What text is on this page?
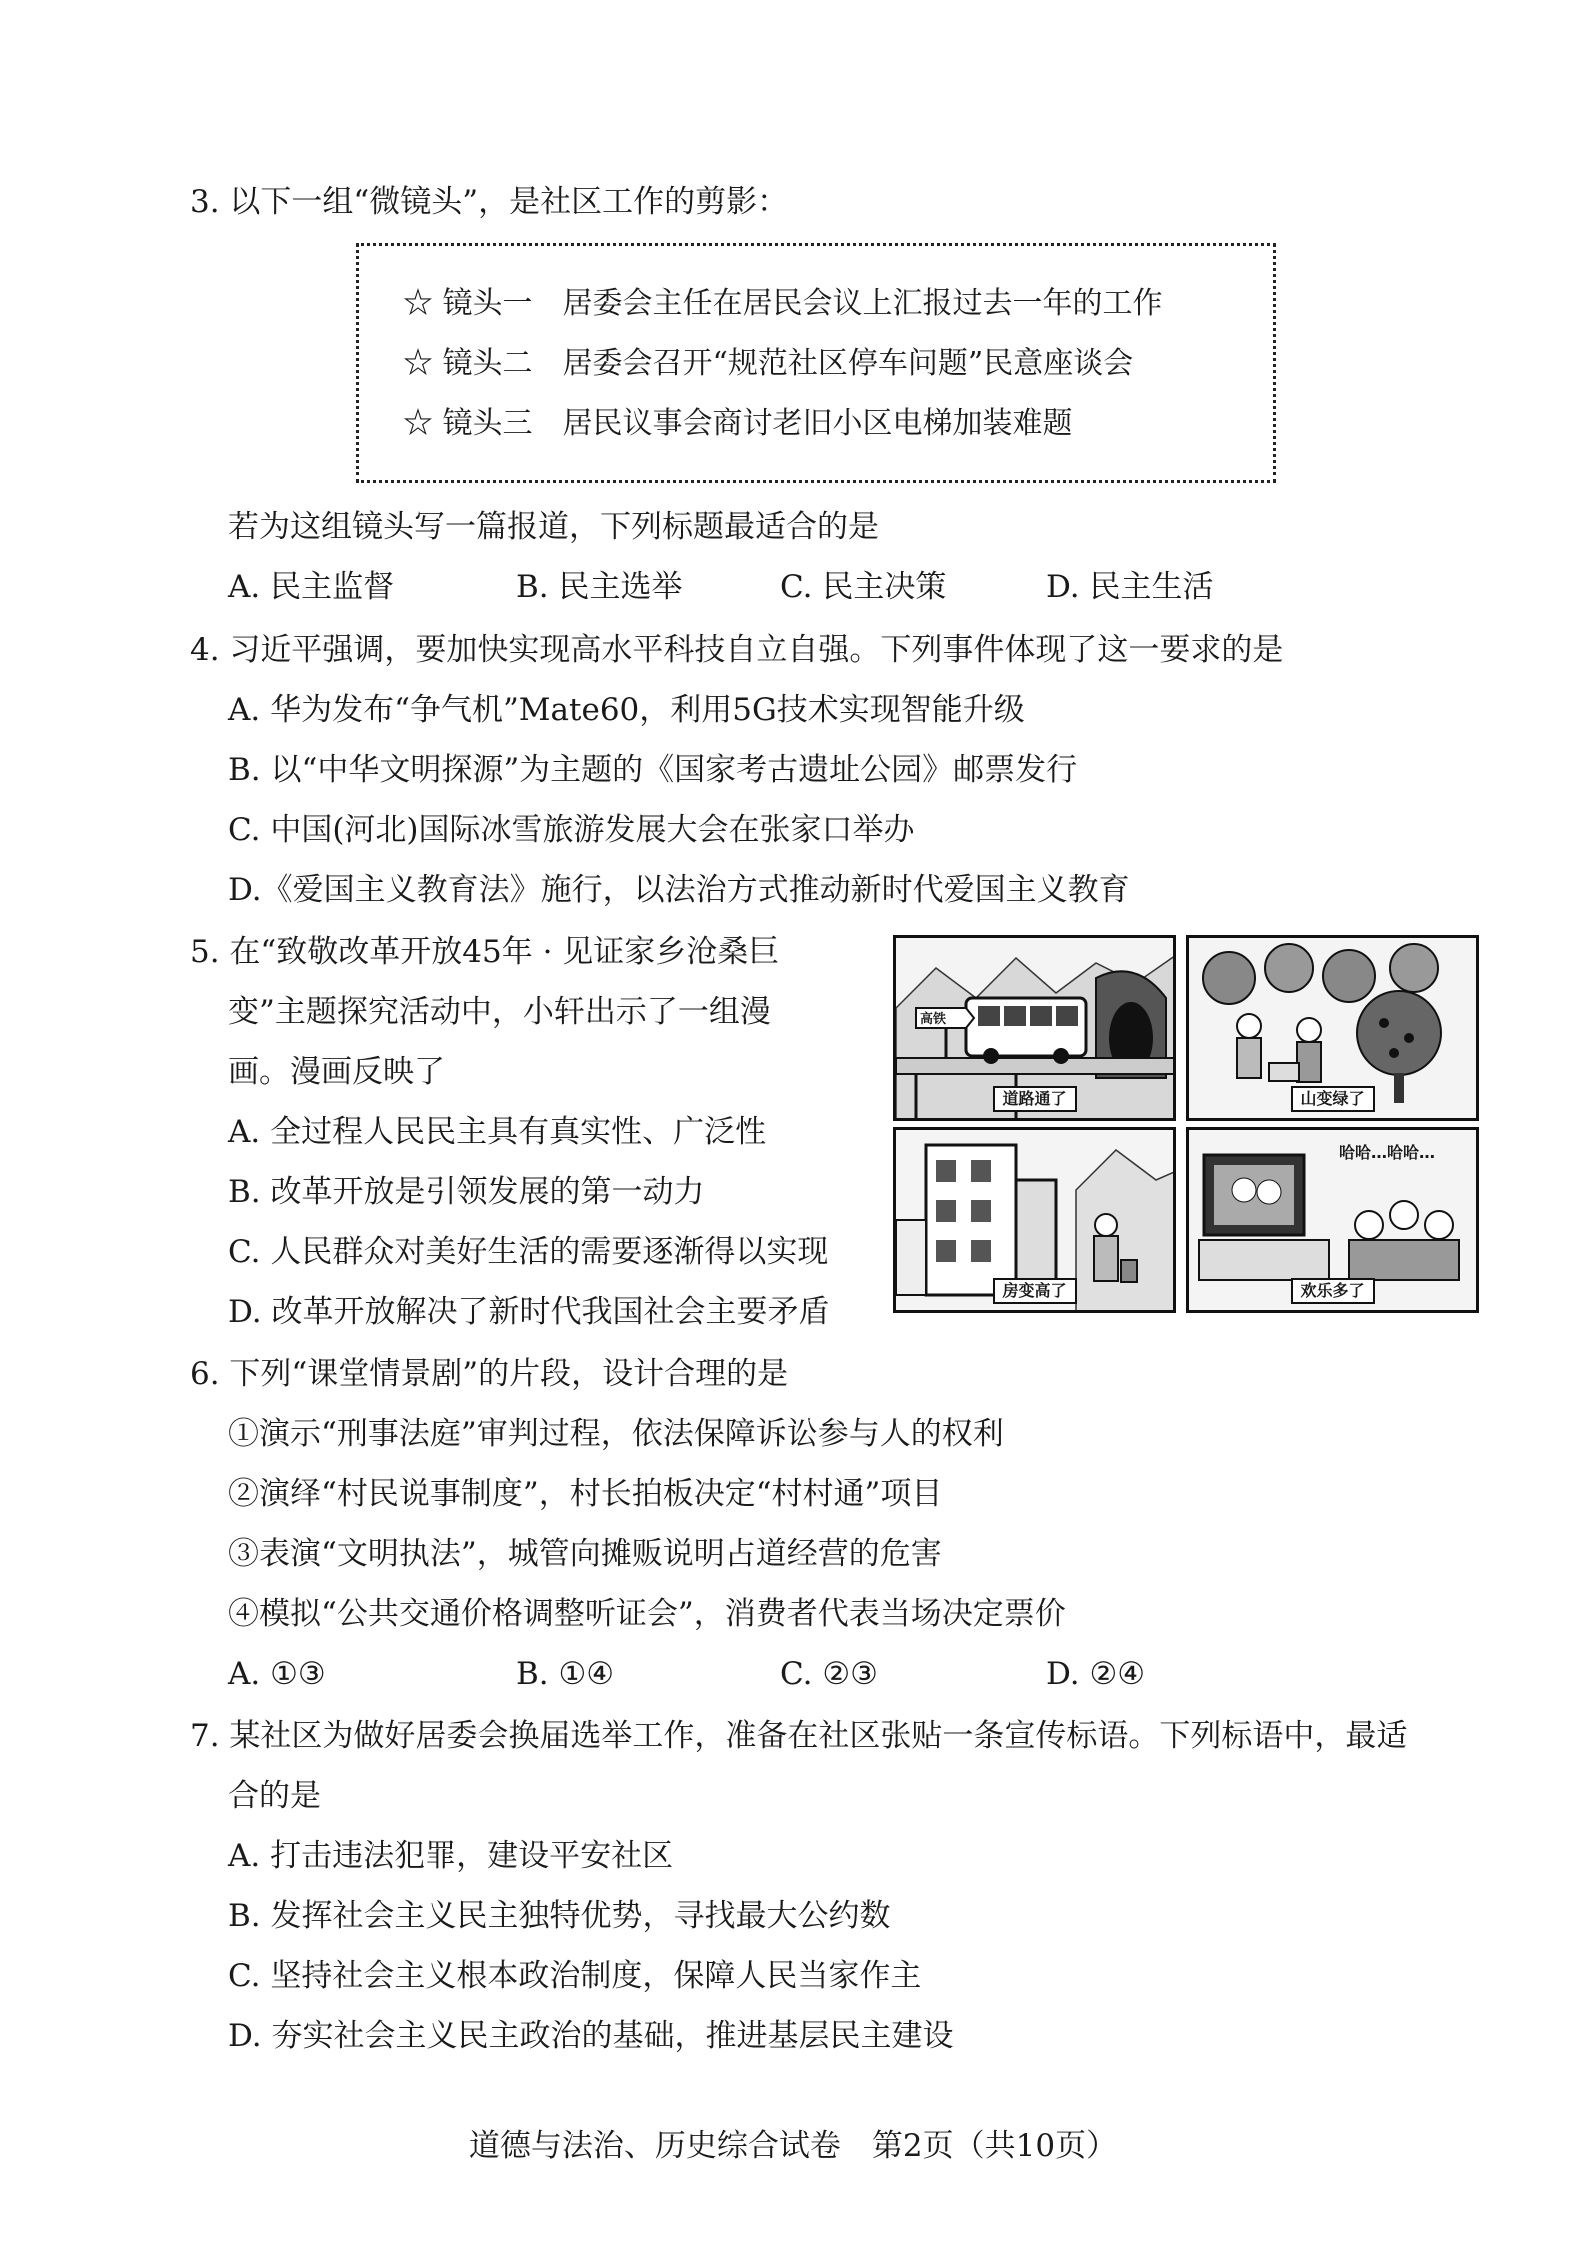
3. 以下一组“微镜头”，是社区工作的剪影：
☆ 镜头一　居委会主任在居民会议上汇报过去一年的工作
☆ 镜头二　居委会召开“规范社区停车问题”民意座谈会
☆ 镜头三　居民议事会商讨老旧小区电梯加装难题
若为这组镜头写一篇报道，下列标题最适合的是
A. 民主监督	B. 民主选举	C. 民主决策	D. 民主生活
4. 习近平强调，要加快实现高水平科技自立自强。下列事件体现了这一要求的是
A. 华为发布“争气机”Mate60，利用5G技术实现智能升级
B. 以“中华文明探源”为主题的《国家考古遗址公园》邮票发行
C. 中国(河北)国际冰雪旅游发展大会在张家口举办
D.《爱国主义教育法》施行，以法治方式推动新时代爱国主义教育
5. 在“致敬改革开放45年 · 见证家乡沧桑巨
变”主题探究活动中，小轩出示了一组漫
画。漫画反映了
A. 全过程人民民主具有真实性、广泛性
B. 改革开放是引领发展的第一动力
C. 人民群众对美好生活的需要逐渐得以实现
D. 改革开放解决了新时代我国社会主要矛盾
高铁
道路通了	山变绿了
房变高了
哈哈…哈哈…
欢乐多了
6. 下列“课堂情景剧”的片段，设计合理的是
①演示“刑事法庭”审判过程，依法保障诉讼参与人的权利
②演绎“村民说事制度”，村长拍板决定“村村通”项目
③表演“文明执法”，城管向摊贩说明占道经营的危害
④模拟“公共交通价格调整听证会”，消费者代表当场决定票价
A. ①③	B. ①④	C. ②③	D. ②④
7. 某社区为做好居委会换届选举工作，准备在社区张贴一条宣传标语。下列标语中，最适
合的是
A. 打击违法犯罪，建设平安社区
B. 发挥社会主义民主独特优势，寻找最大公约数
C. 坚持社会主义根本政治制度，保障人民当家作主
D. 夯实社会主义民主政治的基础，推进基层民主建设
道德与法治、历史综合试卷　第2页（共10页）
